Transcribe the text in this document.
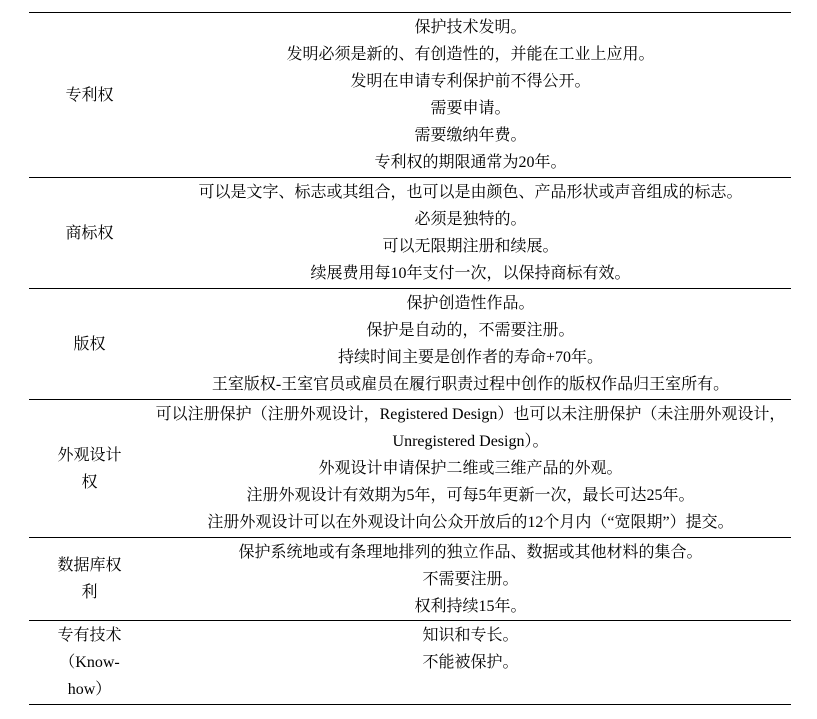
专利权
保护技术发明。
发明必须是新的、有创造性的，并能在工业上应用。
发明在申请专利保护前不得公开。
需要申请。
需要缴纳年费。
专利权的期限通常为20年。
商标权
可以是文字、标志或其组合，也可以是由颜色、产品形状或声音组成的标志。
必须是独特的。
可以无限期注册和续展。
续展费用每10年支付一次，以保持商标有效。
版权
保护创造性作品。
保护是自动的，不需要注册。
持续时间主要是创作者的寿命+70年。
王室版权-王室官员或雇员在履行职责过程中创作的版权作品归王室所有。
外观设计权
可以注册保护（注册外观设计，Registered Design）也可以未注册保护（未注册外观设计，Unregistered Design）。
外观设计申请保护二维或三维产品的外观。
注册外观设计有效期为5年，可每5年更新一次，最长可达25年。
注册外观设计可以在外观设计向公众开放后的12个月内（“宽限期”）提交。
数据库权利
保护系统地或有条理地排列的独立作品、数据或其他材料的集合。
不需要注册。
权利持续15年。
专有技术（Know-how）
知识和专长。
不能被保护。
